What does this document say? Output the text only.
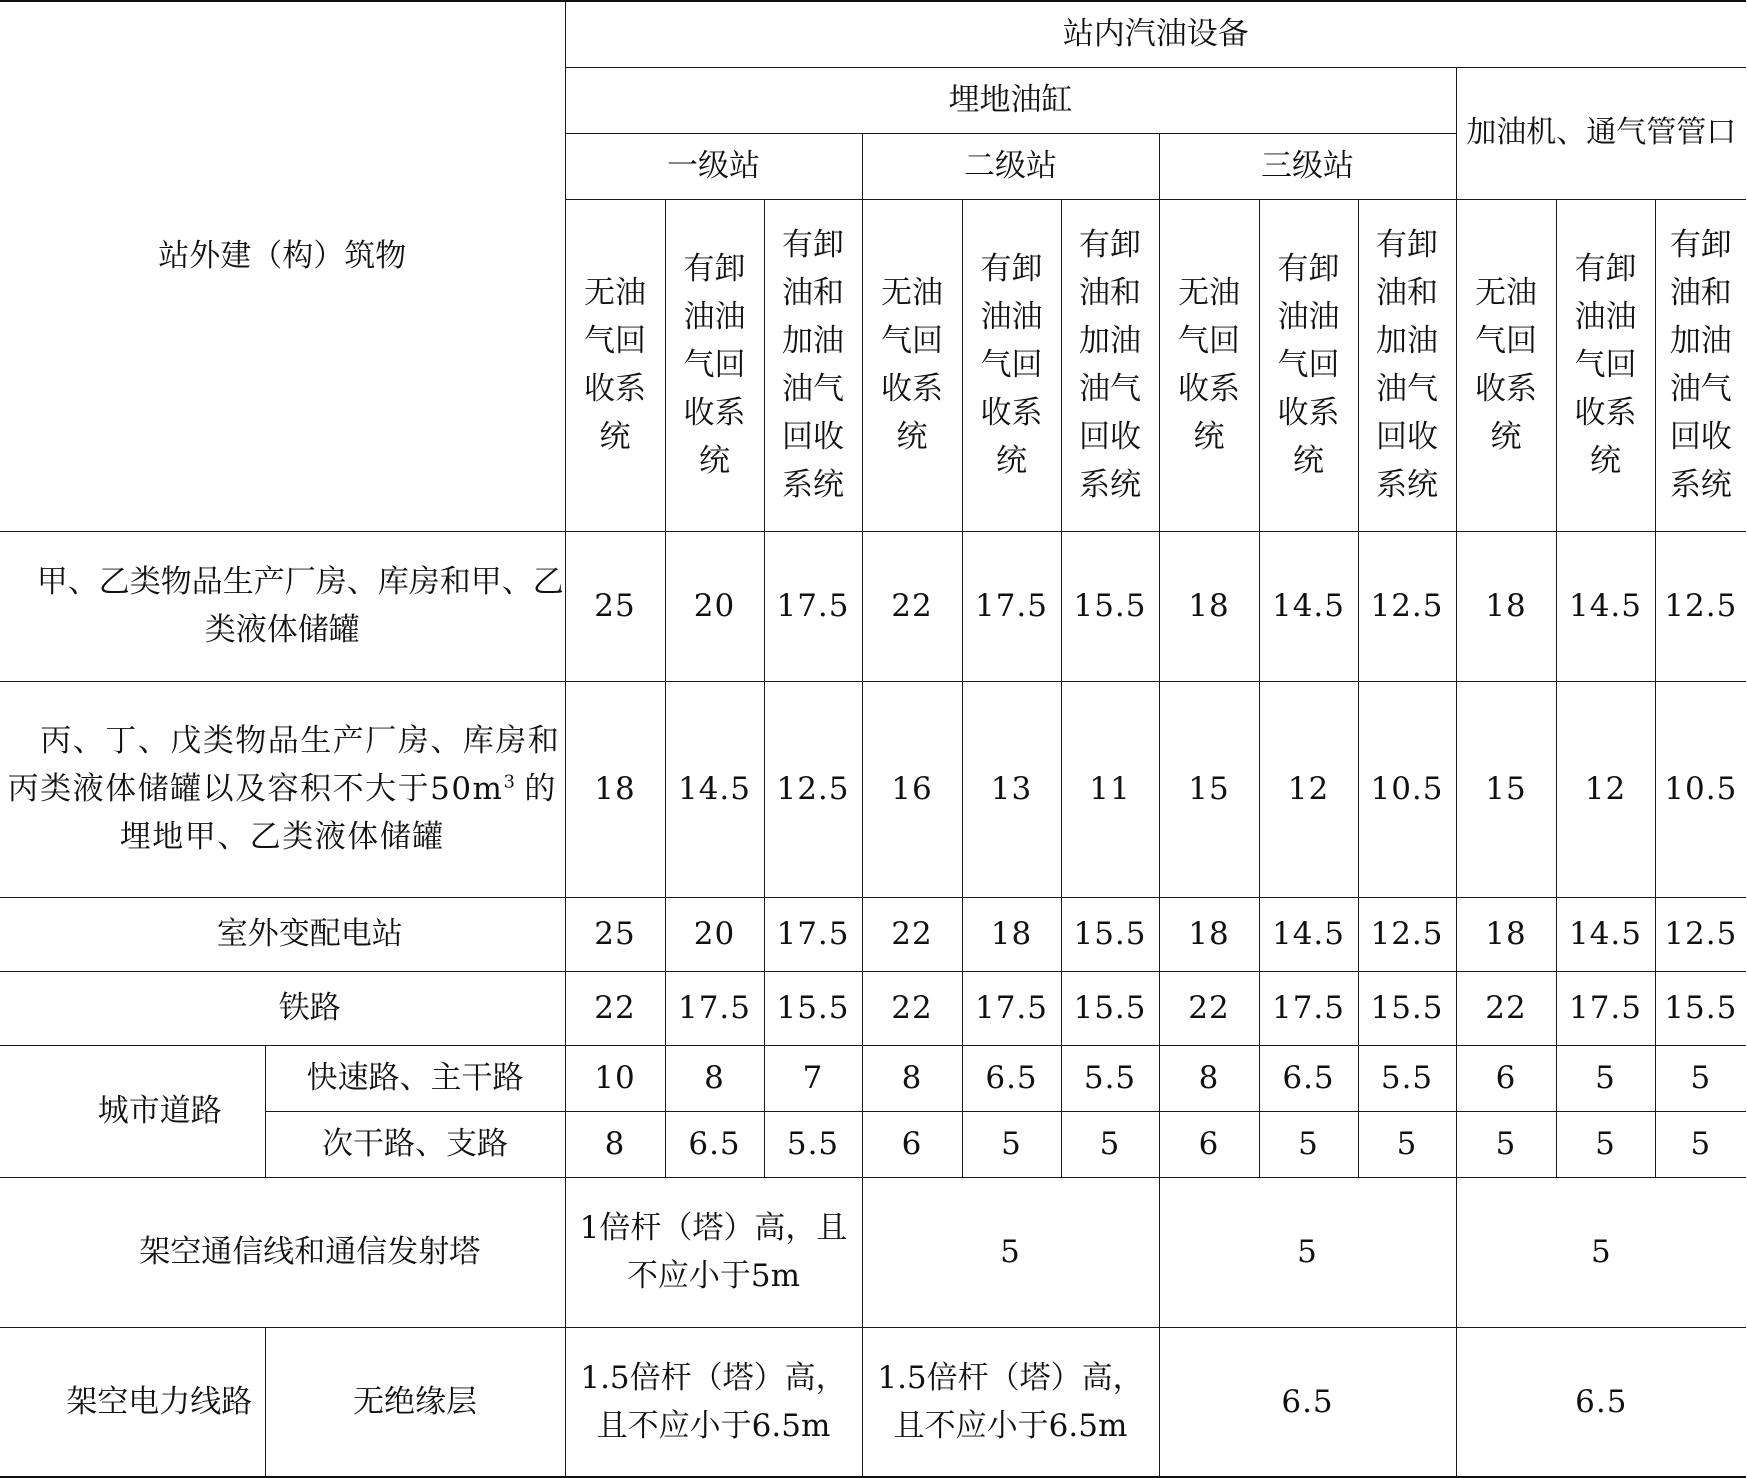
站外建（构）筑物		站内汽油设备											
		埋地油缸									加油机、通气管管口		
		一级站			二级站			三级站					
		无油气回收系统	有卸油油气回收系统	有卸油和加油油气回收系统	无油气回收系统	有卸油油气回收系统	有卸油和加油油气回收系统	无油气回收系统	有卸油油气回收系统	有卸油和加油油气回收系统	无油气回收系统	有卸油油气回收系统	有卸油和加油油气回收系统
甲、乙类物品生产厂房、库房和甲、乙类液体储罐		25	20	17.5	22	17.5	15.5	18	14.5	12.5	18	14.5	12.5
丙、丁、戊类物品生产厂房、库房和丙类液体储罐以及容积不大于$50m^3$ 的埋地甲、乙类液体储罐		18	14.5	12.5	16	13	11	15	12	10.5	15	12	10.5
室外变配电站		25	20	17.5	22	18	15.5	18	14.5	12.5	18	14.5	12.5
铁路		22	17.5	15.5	22	17.5	15.5	22	17.5	15.5	22	17.5	15.5
城市道路	快速路、主干路	10	8	7	8	6.5	5.5	8	6.5	5.5	6	5	5
	次干路、支路	8	6.5	5.5	6	5	5	6	5	5	5	5	5
架空通信线和通信发射塔		1倍杆（塔）高，且不应小于5m			5			5			5		
架空电力线路	无绝缘层	1.5倍杆（塔）高，且不应小于6.5m			1.5倍杆（塔）高，且不应小于6.5m			6.5			6.5		
